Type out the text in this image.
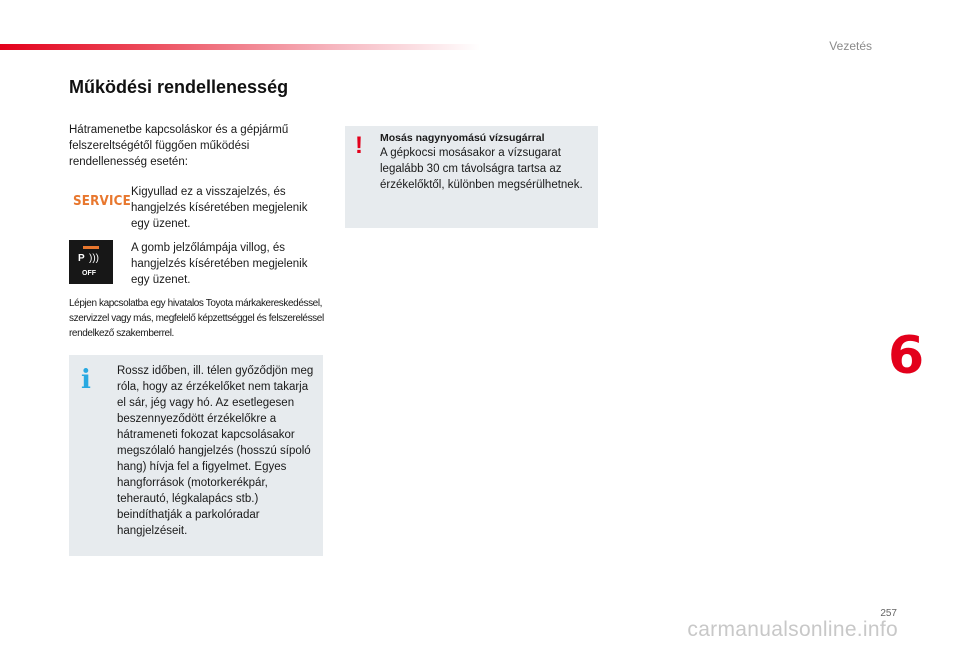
Vezetés
Működési rendellenesség
Hátramenetbe kapcsoláskor és a gépjármű felszereltségétől függően működési rendellenesség esetén:
SERVICE
Kigyullad ez a visszajelzés, és hangjelzés kíséretében megjelenik egy üzenet.
P )))
OFF
A gomb jelzőlámpája villog, és hangjelzés kíséretében megjelenik egy üzenet.
Lépjen kapcsolatba egy hivatalos Toyota márkakereskedéssel, szervizzel vagy más, megfelelő képzettséggel és felszereléssel rendelkező szakemberrel.
i Rossz időben, ill. télen győződjön meg róla, hogy az érzékelőket nem takarja el sár, jég vagy hó. Az esetlegesen beszennyeződött érzékelőkre a hátrameneti fokozat kapcsolásakor megszólaló hangjelzés (hosszú sípoló hang) hívja fel a figyelmet. Egyes hangforrások (motorkerékpár, teherautó, légkalapács stb.) beindíthatják a parkolóradar hangjelzéseit.
! Mosás nagynyomású vízsugárral
A gépkocsi mosásakor a vízsugarat legalább 30 cm távolságra tartsa az érzékelőktől, különben megsérülhetnek.
6
257
carmanualsonline.info
